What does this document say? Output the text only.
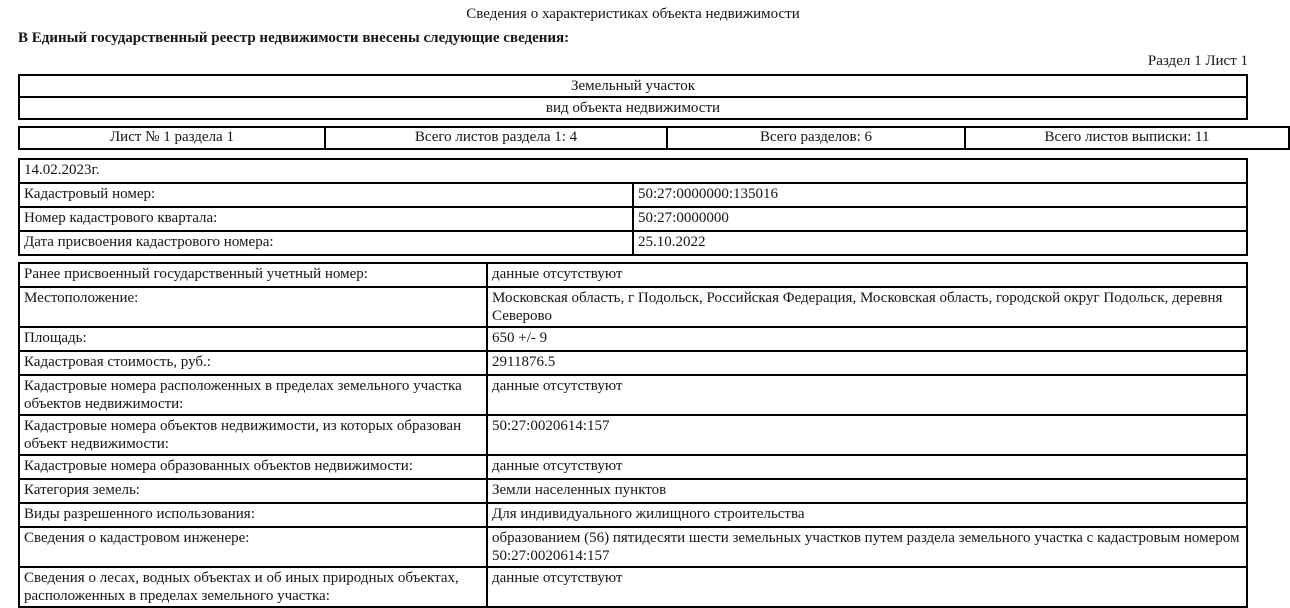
Сведения о характеристиках объекта недвижимости
В Единый государственный реестр недвижимости внесены следующие сведения:
Раздел 1 Лист 1
Земельный участок
вид объекта недвижимости
Лист № 1 раздела 1	Всего листов раздела 1: 4	Всего разделов: 6	Всего листов выписки: 11
14.02.2023г.	
Кадастровый номер:	50:27:0000000:135016
Номер кадастрового квартала:	50:27:0000000
Дата присвоения кадастрового номера:	25.10.2022
Ранее присвоенный государственный учетный номер:	данные отсутствуют
Местоположение:	Московская область, г Подольск, Российская Федерация, Московская область, городской округ Подольск, деревня Северово
Площадь:	650 +/- 9
Кадастровая стоимость, руб.:	2911876.5
Кадастровые номера расположенных в пределах земельного участка объектов недвижимости:	данные отсутствуют
Кадастровые номера объектов недвижимости, из которых образован объект недвижимости:	50:27:0020614:157
Кадастровые номера образованных объектов недвижимости:	данные отсутствуют
Категория земель:	Земли населенных пунктов
Виды разрешенного использования:	Для индивидуального жилищного строительства
Сведения о кадастровом инженере:	образованием (56) пятидесяти шести земельных участков путем раздела земельного участка с кадастровым номером 50:27:0020614:157
Сведения о лесах, водных объектах и об иных природных объектах, расположенных в пределах земельного участка:	данные отсутствуют
